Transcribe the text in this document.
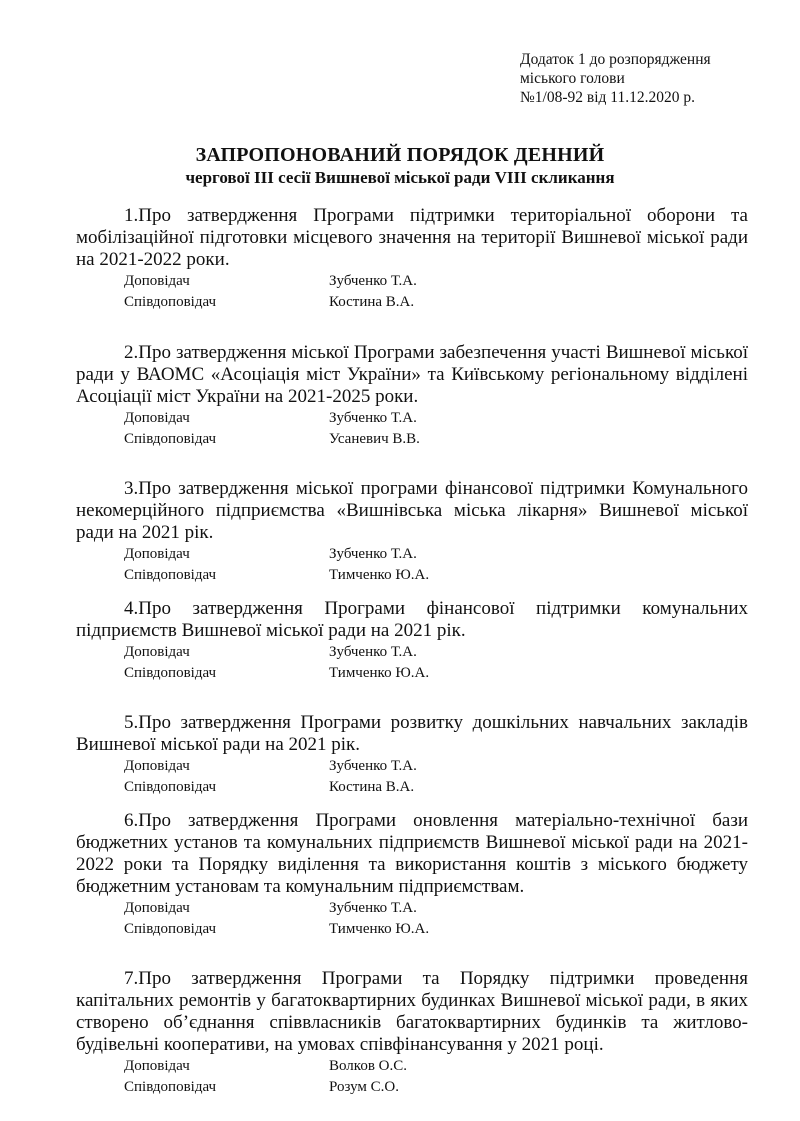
Додаток 1 до розпорядження
міського голови
№1/08-92 від 11.12.2020 р.
ЗАПРОПОНОВАНИЙ ПОРЯДОК ДЕННИЙ
чергової ІІІ сесії Вишневої міської ради VІІІ скликання

1.Про затвердження Програми підтримки територіальної оборони та мобілізаційної підготовки місцевого значення на території Вишневої міської ради на 2021-2022 роки.

Доповідач	Зубченко Т.А.
Співдоповідач	Костина В.А.

2.Про затвердження міської Програми забезпечення участі Вишневої міської ради у ВАОМС «Асоціація міст України» та Київському регіональному відділені Асоціації міст України на 2021-2025 роки.

Доповідач	Зубченко Т.А.
Співдоповідач	Усаневич В.В.

3.Про затвердження міської програми фінансової підтримки Комунального некомерційного підприємства «Вишнівська міська лікарня» Вишневої міської ради на 2021 рік.

Доповідач	Зубченко Т.А.
Співдоповідач	Тимченко Ю.А.

4.Про затвердження Програми фінансової підтримки комунальних підприємств Вишневої міської ради на 2021 рік.

Доповідач	Зубченко Т.А.
Співдоповідач	Тимченко Ю.А.

5.Про затвердження Програми розвитку дошкільних навчальних закладів Вишневої міської ради на 2021 рік.

Доповідач	Зубченко Т.А.
Співдоповідач	Костина В.А.

6.Про затвердження Програми оновлення матеріально-технічної бази бюджетних установ та комунальних підприємств Вишневої міської ради на 2021-2022 роки та Порядку виділення та використання коштів з міського бюджету бюджетним установам та комунальним підприємствам.

Доповідач	Зубченко Т.А.
Співдоповідач	Тимченко Ю.А.

7.Про затвердження Програми та Порядку підтримки проведення капітальних ремонтів у багатоквартирних будинках Вишневої міської ради, в яких створено об’єднання співвласників багатоквартирних будинків та житлово-будівельні кооперативи, на умовах співфінансування у 2021 році.

Доповідач	Волков О.С.
Співдоповідач	Розум С.О.
